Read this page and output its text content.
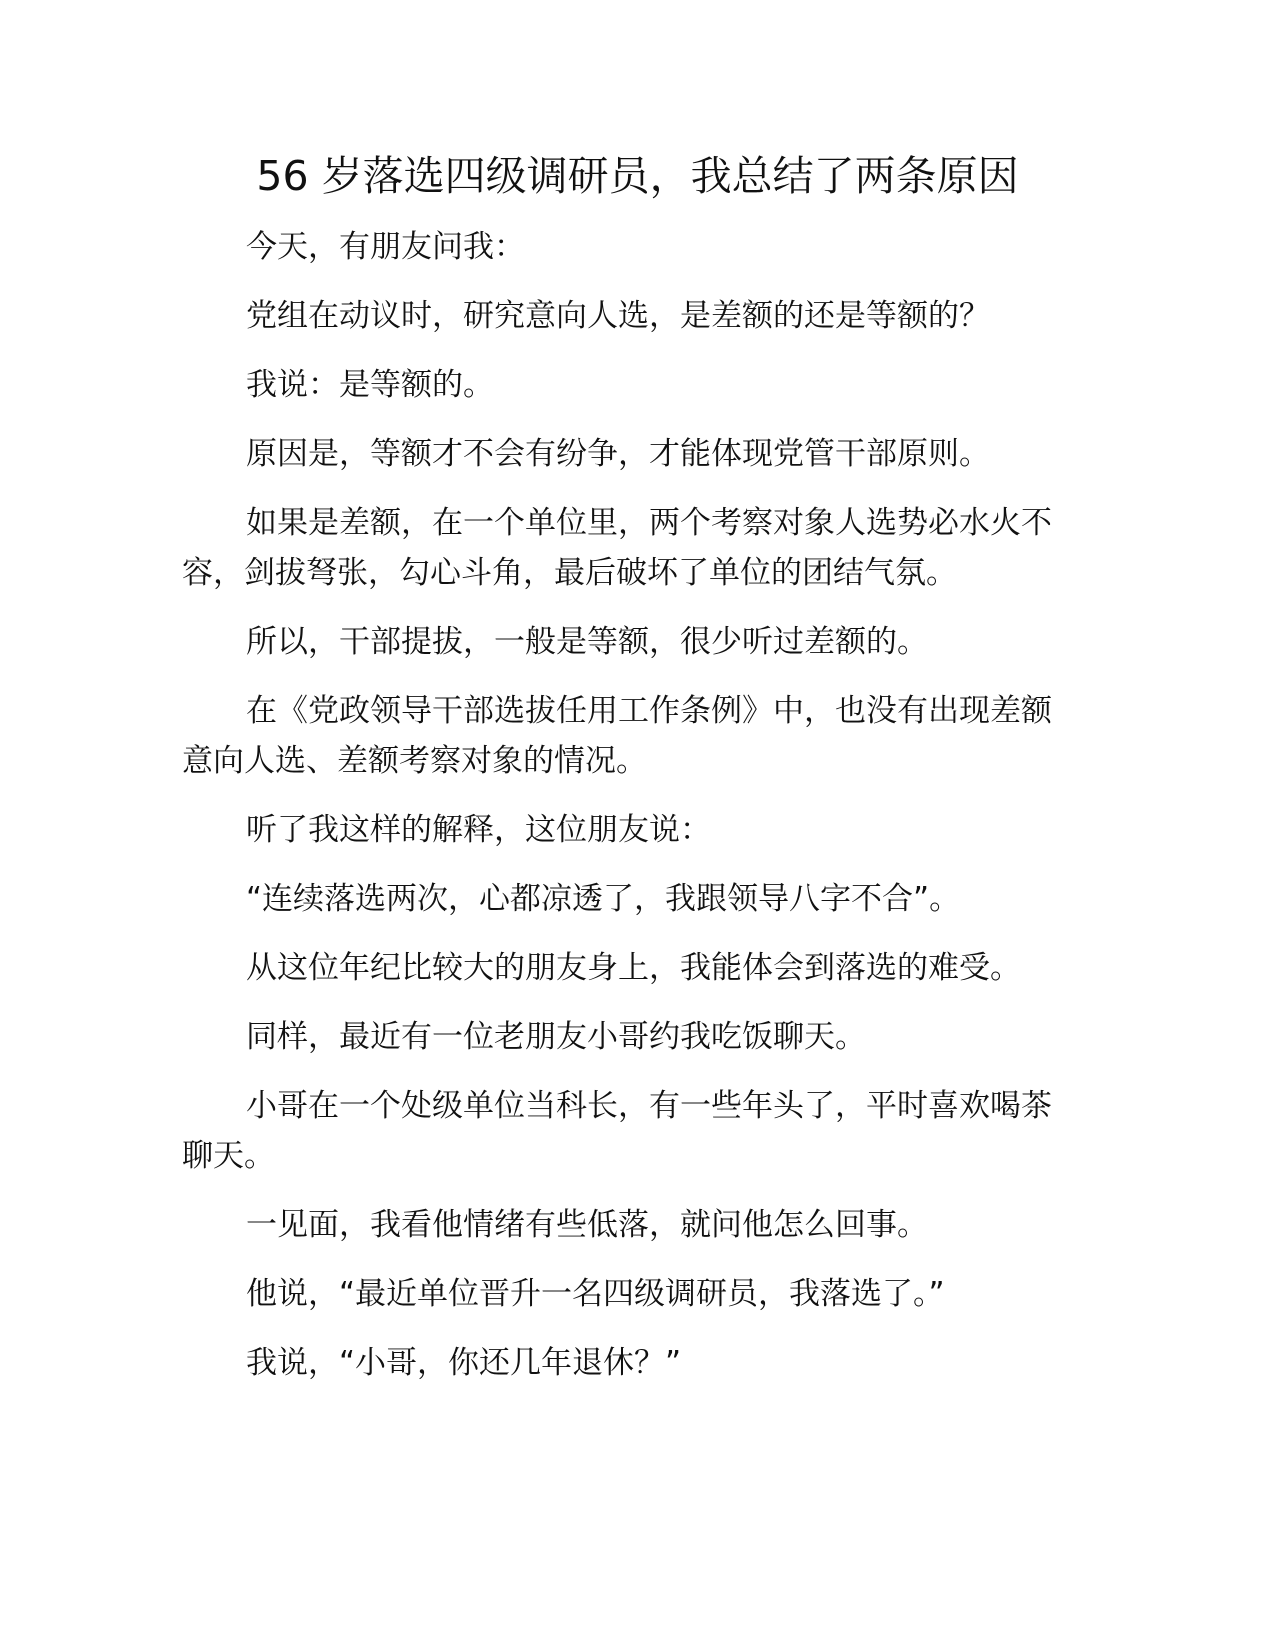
56 岁落选四级调研员，我总结了两条原因

今天，有朋友问我：

党组在动议时，研究意向人选，是差额的还是等额的？

我说：是等额的。

原因是，等额才不会有纷争，才能体现党管干部原则。

如果是差额，在一个单位里，两个考察对象人选势必水火不容，剑拔弩张，勾心斗角，最后破坏了单位的团结气氛。

所以，干部提拔，一般是等额，很少听过差额的。

在《党政领导干部选拔任用工作条例》中，也没有出现差额意向人选、差额考察对象的情况。

听了我这样的解释，这位朋友说：

“连续落选两次，心都凉透了，我跟领导八字不合”。

从这位年纪比较大的朋友身上，我能体会到落选的难受。

同样，最近有一位老朋友小哥约我吃饭聊天。

小哥在一个处级单位当科长，有一些年头了，平时喜欢喝茶聊天。

一见面，我看他情绪有些低落，就问他怎么回事。

他说，“最近单位晋升一名四级调研员，我落选了。”

我说，“小哥，你还几年退休？”
